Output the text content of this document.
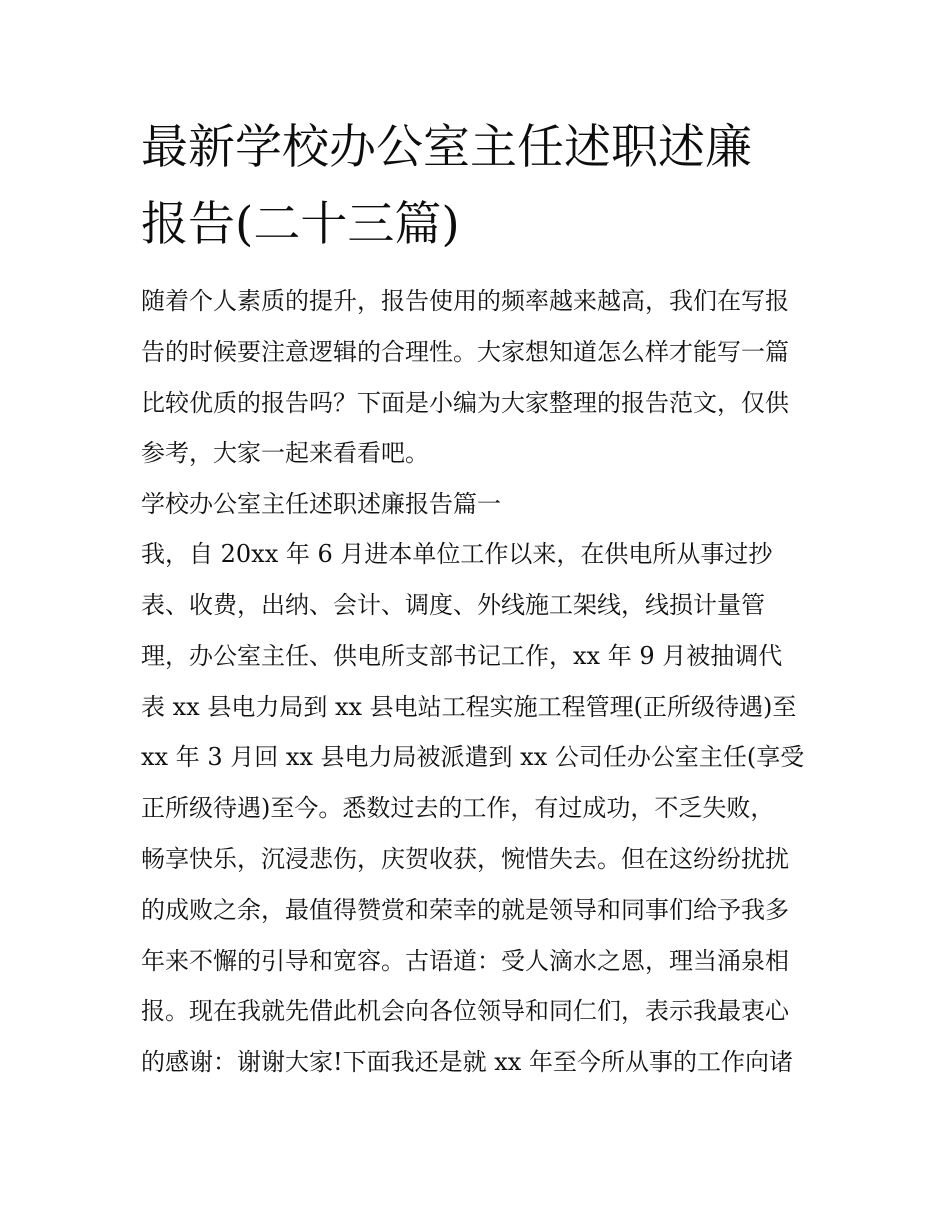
最新学校办公室主任述职述廉
报告(二十三篇)
随着个人素质的提升，报告使用的频率越来越高，我们在写报
告的时候要注意逻辑的合理性。大家想知道怎么样才能写一篇
比较优质的报告吗？下面是小编为大家整理的报告范文，仅供
参考，大家一起来看看吧。
学校办公室主任述职述廉报告篇一
我，自 20xx 年 6 月进本单位工作以来，在供电所从事过抄
表、收费，出纳、会计、调度、外线施工架线，线损计量管
理，办公室主任、供电所支部书记工作，xx 年 9 月被抽调代
表 xx 县电力局到 xx 县电站工程实施工程管理(正所级待遇)至
xx 年 3 月回 xx 县电力局被派遣到 xx 公司任办公室主任(享受
正所级待遇)至今。悉数过去的工作，有过成功，不乏失败，
畅享快乐，沉浸悲伤，庆贺收获，惋惜失去。但在这纷纷扰扰
的成败之余，最值得赞赏和荣幸的就是领导和同事们给予我多
年来不懈的引导和宽容。古语道：受人滴水之恩，理当涌泉相
报。现在我就先借此机会向各位领导和同仁们，表示我最衷心
的感谢：谢谢大家!下面我还是就 xx 年至今所从事的工作向诸
